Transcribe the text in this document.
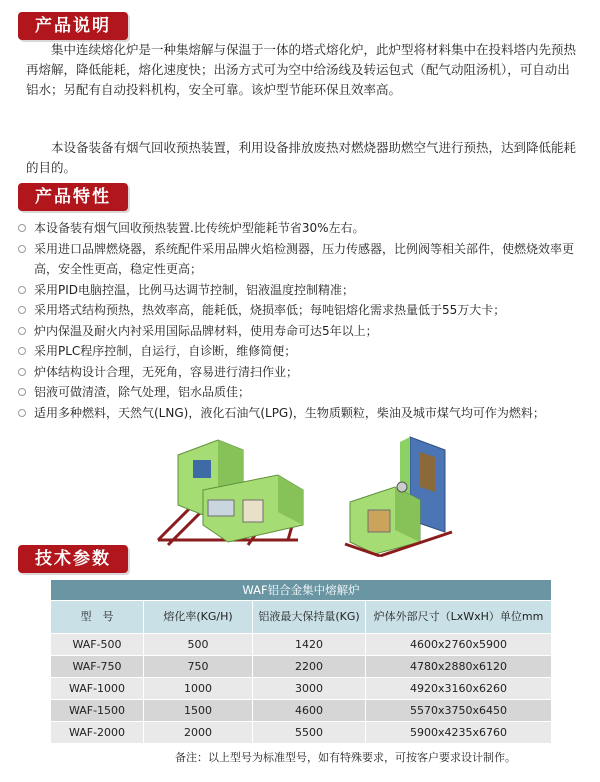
产品说明

集中连续熔化炉是一种集熔解与保温于一体的塔式熔化炉，此炉型将材料集中在投料塔内先预热再熔解，降低能耗，熔化速度快；出汤方式可为空中给汤线及转运包式（配气动阻汤机），可自动出铝水；另配有自动投料机构，安全可靠。该炉型节能环保且效率高。

本设备装备有烟气回收预热装置，利用设备排放废热对燃烧器助燃空气进行预热，达到降低能耗的目的。

产品特性
本设备装有烟气回收预热装置.比传统炉型能耗节省30%左右。
采用进口品牌燃烧器，系统配件采用品牌火焰检测器，压力传感器，比例阀等相关部件，使燃烧效率更高，安全性更高，稳定性更高；
采用PID电脑控温，比例马达调节控制，铝液温度控制精准；
采用塔式结构预热，热效率高，能耗低，烧损率低；每吨铝熔化需求热量低于55万大卡；
炉内保温及耐火内衬采用国际品牌材料，使用寿命可达5年以上；
采用PLC程序控制，自运行，自诊断，维修简便；
炉体结构设计合理，无死角，容易进行清扫作业；
铝液可做清渣，除气处理，铝水品质佳；
适用多种燃料，天然气(LNG)，液化石油气(LPG)，生物质颗粒，柴油及城市煤气均可作为燃料；
技术参数
WAF铝合金集中熔解炉			
型　号	熔化率(KG/H)	铝液最大保持量(KG)	炉体外部尺寸（LxWxH）单位mm
WAF-500	500	1420	4600x2760x5900
WAF-750	750	2200	4780x2880x6120
WAF-1000	1000	3000	4920x3160x6260
WAF-1500	1500	4600	5570x3750x6450
WAF-2000	2000	5500	5900x4235x6760
备注：以上型号为标准型号，如有特殊要求，可按客户要求设计制作。
